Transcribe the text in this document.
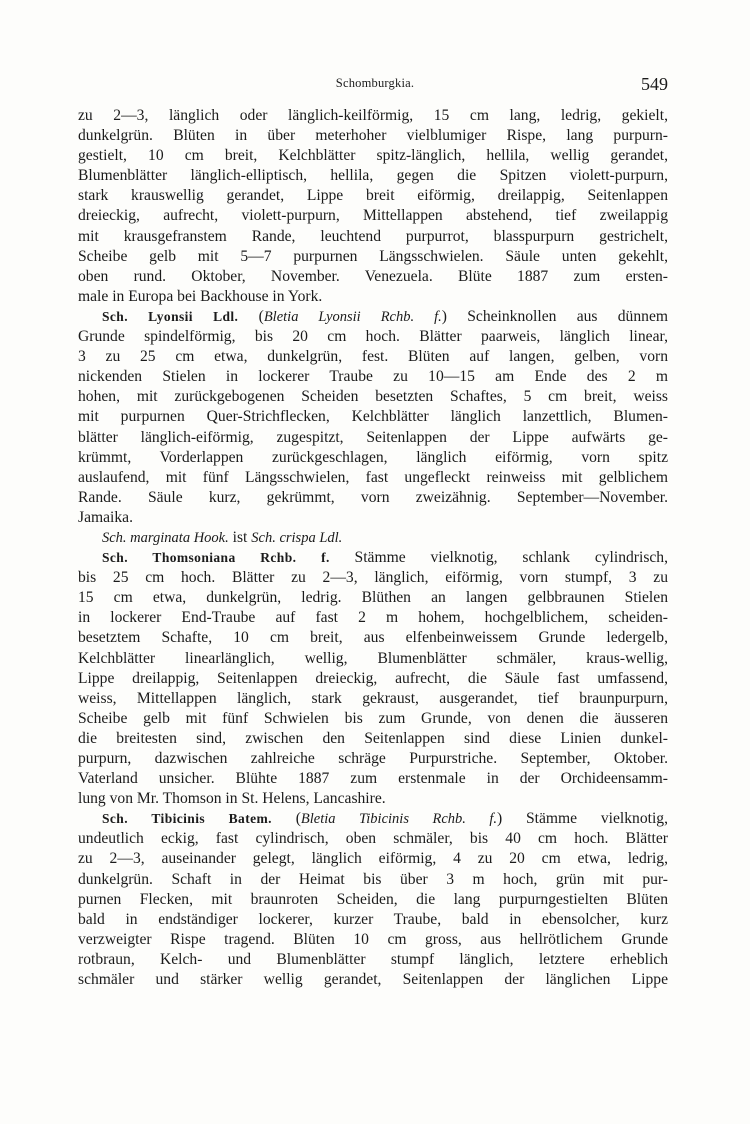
Schomburgkia.	549
zu 2—3, länglich oder länglich-keilförmig, 15 cm lang, ledrig, gekielt,
dunkelgrün. Blüten in über meterhoher vielblumiger Rispe, lang purpurn-
gestielt, 10 cm breit, Kelchblätter spitz-länglich, hellila, wellig gerandet,
Blumenblätter länglich-elliptisch, hellila, gegen die Spitzen violett-purpurn,
stark krauswellig gerandet, Lippe breit eiförmig, dreilappig, Seitenlappen
dreieckig, aufrecht, violett-purpurn, Mittellappen abstehend, tief zweilappig
mit krausgefranstem Rande, leuchtend purpurrot, blasspurpurn gestrichelt,
Scheibe gelb mit 5—7 purpurnen Längsschwielen. Säule unten gekehlt,
oben rund. Oktober, November. Venezuela. Blüte 1887 zum ersten-
male in Europa bei Backhouse in York.
Sch. Lyonsii Ldl. (Bletia Lyonsii Rchb. f.) Scheinknollen aus dünnem
Grunde spindelförmig, bis 20 cm hoch. Blätter paarweis, länglich linear,
3 zu 25 cm etwa, dunkelgrün, fest. Blüten auf langen, gelben, vorn
nickenden Stielen in lockerer Traube zu 10—15 am Ende des 2 m
hohen, mit zurückgebogenen Scheiden besetzten Schaftes, 5 cm breit, weiss
mit purpurnen Quer-Strichflecken, Kelchblätter länglich lanzettlich, Blumen-
blätter länglich-eiförmig, zugespitzt, Seitenlappen der Lippe aufwärts ge-
krümmt, Vorderlappen zurückgeschlagen, länglich eiförmig, vorn spitz
auslaufend, mit fünf Längsschwielen, fast ungefleckt reinweiss mit gelblichem
Rande. Säule kurz, gekrümmt, vorn zweizähnig. September—November.
Jamaika.
Sch. marginata Hook. ist Sch. crispa Ldl.
Sch. Thomsoniana Rchb. f. Stämme vielknotig, schlank cylindrisch,
bis 25 cm hoch. Blätter zu 2—3, länglich, eiförmig, vorn stumpf, 3 zu
15 cm etwa, dunkelgrün, ledrig. Blüthen an langen gelbbraunen Stielen
in lockerer End-Traube auf fast 2 m hohem, hochgelblichem, scheiden-
besetztem Schafte, 10 cm breit, aus elfenbeinweissem Grunde ledergelb,
Kelchblätter linearlänglich, wellig, Blumenblätter schmäler, kraus-wellig,
Lippe dreilappig, Seitenlappen dreieckig, aufrecht, die Säule fast umfassend,
weiss, Mittellappen länglich, stark gekraust, ausgerandet, tief braunpurpurn,
Scheibe gelb mit fünf Schwielen bis zum Grunde, von denen die äusseren
die breitesten sind, zwischen den Seitenlappen sind diese Linien dunkel-
purpurn, dazwischen zahlreiche schräge Purpurstriche. September, Oktober.
Vaterland unsicher. Blühte 1887 zum erstenmale in der Orchideensamm-
lung von Mr. Thomson in St. Helens, Lancashire.
Sch. Tibicinis Batem. (Bletia Tibicinis Rchb. f.) Stämme vielknotig,
undeutlich eckig, fast cylindrisch, oben schmäler, bis 40 cm hoch. Blätter
zu 2—3, auseinander gelegt, länglich eiförmig, 4 zu 20 cm etwa, ledrig,
dunkelgrün. Schaft in der Heimat bis über 3 m hoch, grün mit pur-
purnen Flecken, mit braunroten Scheiden, die lang purpurngestielten Blüten
bald in endständiger lockerer, kurzer Traube, bald in ebensolcher, kurz
verzweigter Rispe tragend. Blüten 10 cm gross, aus hellrötlichem Grunde
rotbraun, Kelch- und Blumenblätter stumpf länglich, letztere erheblich
schmäler und stärker wellig gerandet, Seitenlappen der länglichen Lippe
